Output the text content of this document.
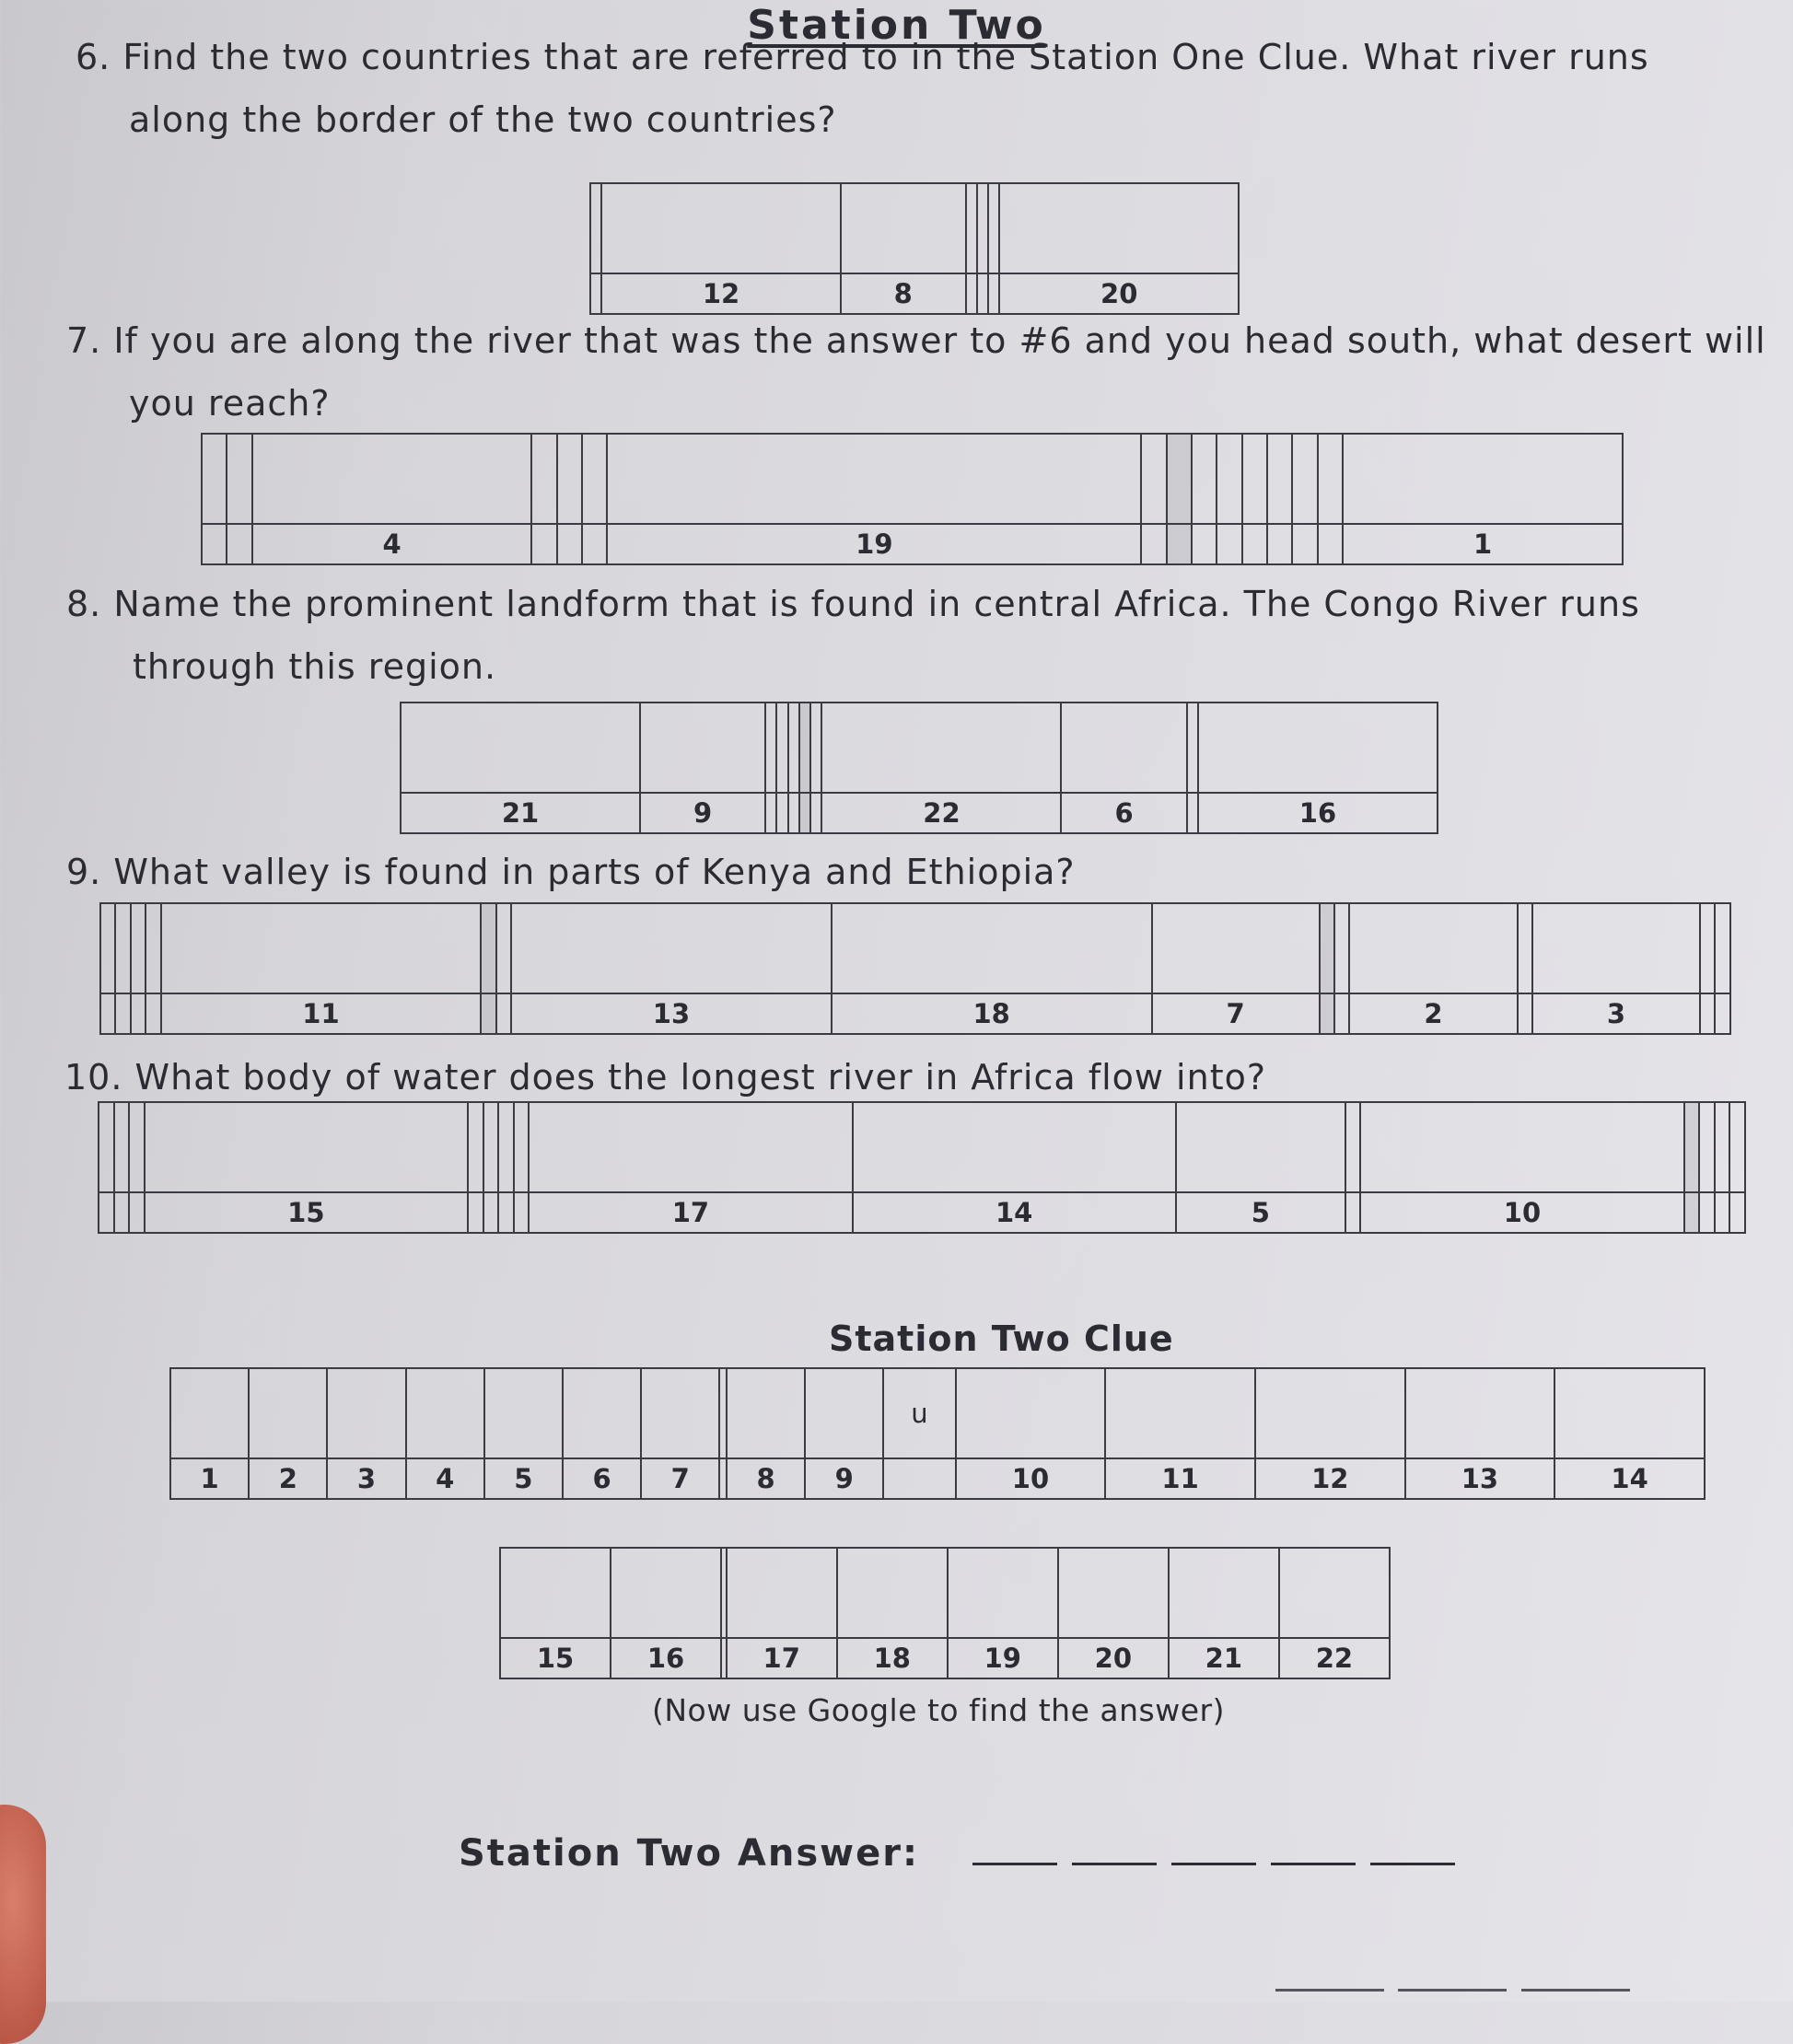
Station Two
6. Find the two countries that are referred to in the Station One Clue. What river runs
along the border of the two countries?

	12	8				20
7. If you are along the river that was the answer to #6 and you head south, what desert will
you reach?

		4				19									1
8. Name the prominent landform that is found in central Africa. The Congo River runs
through this region.

21	9						22	6		16
9. What valley is found in parts of Kenya and Ethiopia?

				11			13	18	7			2		3		
10. What body of water does the longest river in Africa flow into?

			15					17	14	5		10				
Station Two Clue
										u					
1	2	3	4	5	6	7		8	9		10	11	12	13	14

15	16		17	18	19	20	21	22
(Now use Google to find the answer)
Station Two Answer:
